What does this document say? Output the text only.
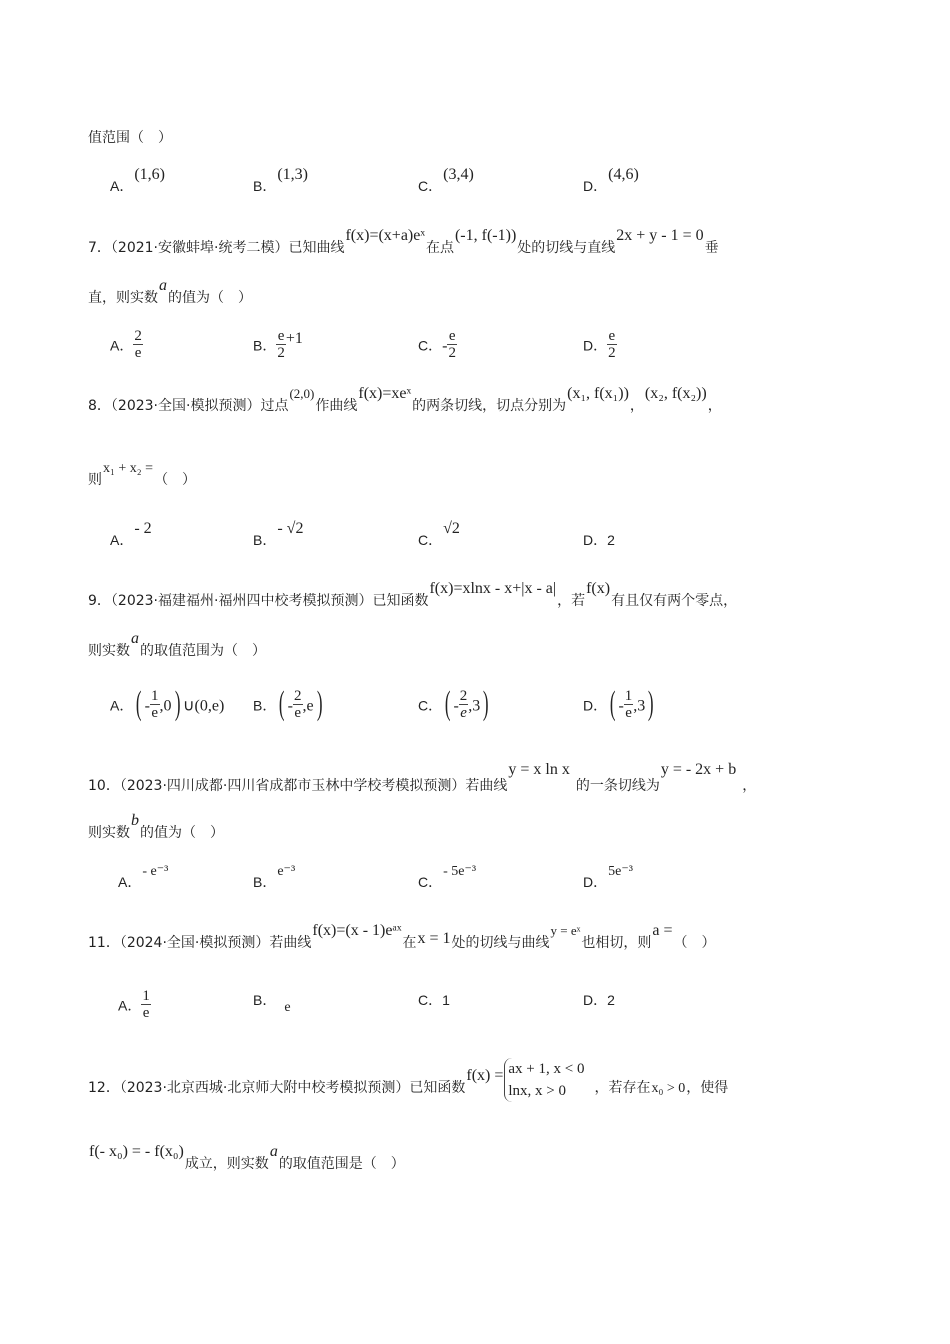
值范围（　）
A．(1,6)
B．(1,3)
C．(3,4)
D．(4,6)
7．（2021·安徽蚌埠·统考二模）已知曲线f(x)=(x+a)eˣ在点(-1, f(-1))处的切线与直线2x + y - 1 = 0垂
直，则实数a的值为（　）
A． $\frac{2}{e}$	B． $\frac{e}{2} +1$	C．- $\frac{e}{2}$	D． $\frac{e}{2}$
8．（2023·全国·模拟预测）过点(2,0)作曲线f(x)=xeˣ的两条切线，切点分别为(x₁, f(x₁))，(x₂, f(x₂))，
则x₁ + x₂ =（　）
A．- 2
B．- √2
C．√2
D．2
9．（2023·福建福州·福州四中校考模拟预测）已知函数f(x)=xlnx - x+|x - a|，若f(x)有且仅有两个零点，
则实数a的取值范围为（　）
A．( - $\frac{1}{e} ,0$) ∪(0,e) B．( - $\frac{2}{e} ,e$)	C．( - $\frac{2}{e},3$)	D．( - $\frac{1}{e} ,3$)
10．（2023·四川成都·四川省成都市玉林中学校考模拟预测）若曲线y = x ln x的一条切线为y = - 2x + b，
则实数b的值为（　）
A．- e⁻³
B．e⁻³
C．- 5e⁻³
D．5e⁻³
11．（2024·全国·模拟预测）若曲线f(x)=(x - 1)eᵃˣ在x = 1处的切线与曲线y = eˣ也相切，则a =（　）
A． $\frac{1}{e}$	B． e	C．1	D．2
12．（2023·北京西城·北京师大附中校考模拟预测）已知函数f(x) = ax + 1, x < 0
lnx, x > 0	，若存在x₀ > 0，使得
f(- x₀) = - f(x₀)成立，则实数a的取值范围是（　）
